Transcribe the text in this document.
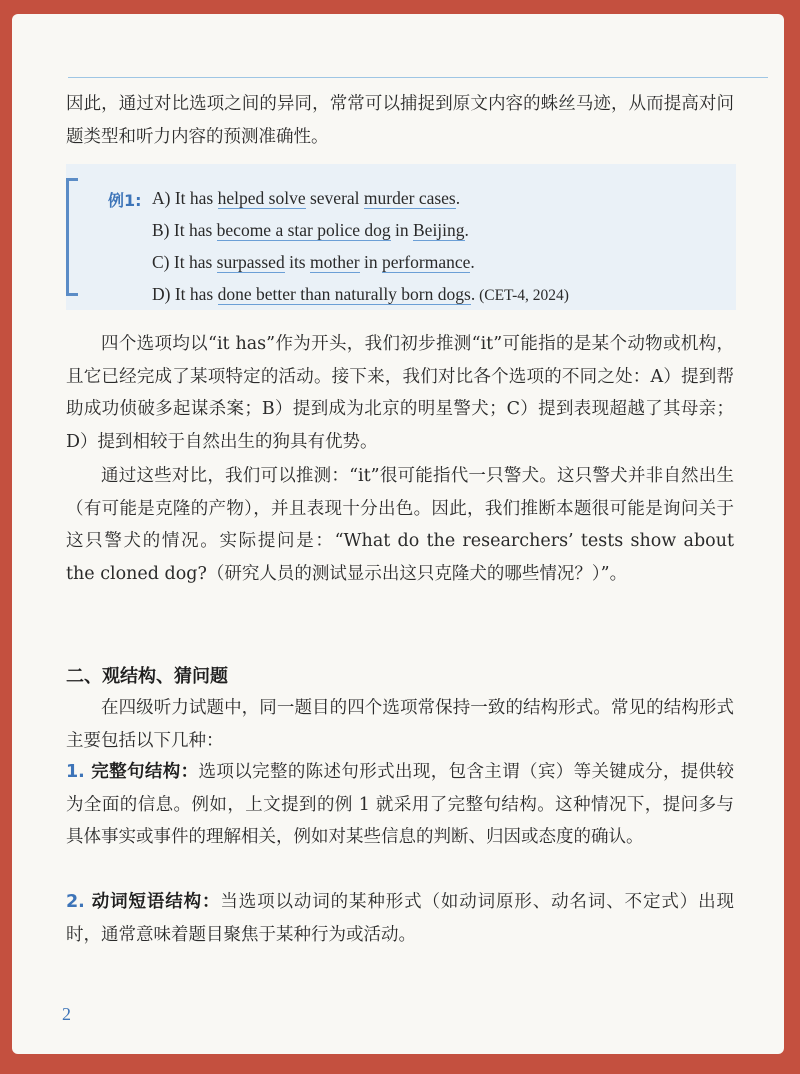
因此，通过对比选项之间的异同，常常可以捕捉到原文内容的蛛丝马迹，从而提高对问题类型和听力内容的预测准确性。

例1: A) It has helped solve several murder cases.
B) It has become a star police dog in Beijing.
C) It has surpassed its mother in performance.
D) It has done better than naturally born dogs. (CET-4, 2024)

四个选项均以“it has”作为开头，我们初步推测“it”可能指的是某个动物或机构，且它已经完成了某项特定的活动。接下来，我们对比各个选项的不同之处：A）提到帮助成功侦破多起谋杀案；B）提到成为北京的明星警犬；C）提到表现超越了其母亲；D）提到相较于自然出生的狗具有优势。

通过这些对比，我们可以推测：“it”很可能指代一只警犬。这只警犬并非自然出生（有可能是克隆的产物），并且表现十分出色。因此，我们推断本题很可能是询问关于这只警犬的情况。实际提问是：“What do the researchers’ tests show about the cloned dog?（研究人员的测试显示出这只克隆犬的哪些情况？）”。

二、观结构、猜问题

在四级听力试题中，同一题目的四个选项常保持一致的结构形式。常见的结构形式主要包括以下几种：

1. 完整句结构：选项以完整的陈述句形式出现，包含主谓（宾）等关键成分，提供较为全面的信息。例如，上文提到的例 1 就采用了完整句结构。这种情况下，提问多与具体事实或事件的理解相关，例如对某些信息的判断、归因或态度的确认。

2. 动词短语结构：当选项以动词的某种形式（如动词原形、动名词、不定式）出现时，通常意味着题目聚焦于某种行为或活动。

2
